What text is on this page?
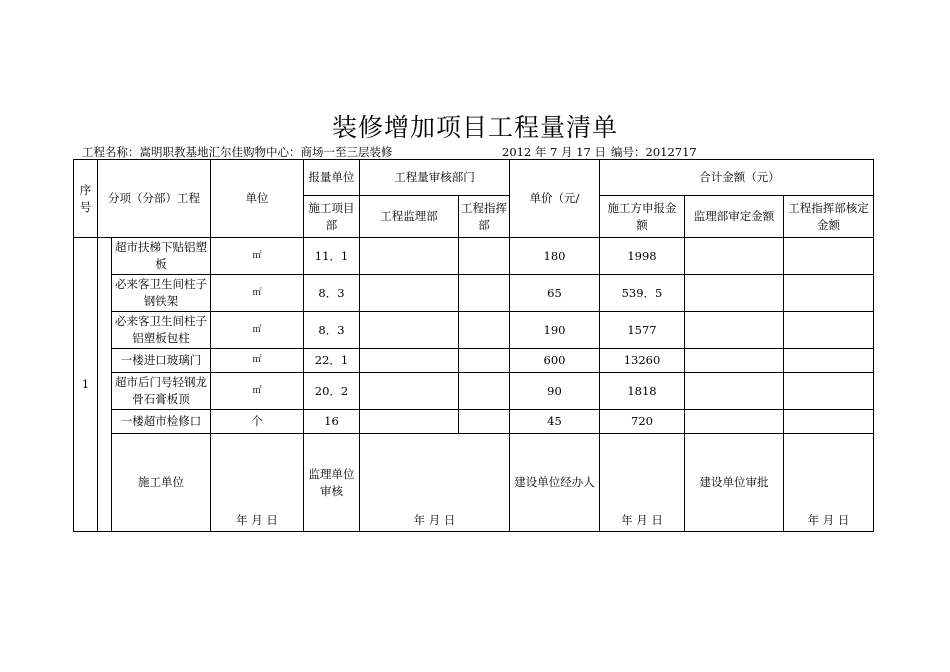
装修增加项目工程量清单
工程名称：嵩明职教基地汇尔佳购物中心：商场一至三层装修	2012 年 7 月 17 日 编号：2012717
序号	分项（分部）工程		单位	报量单位	工程量审核部门		单价（元/	合计金额（元）			
				施工项目部	工程监理部	工程指挥部		施工方申报金额	监理部审定金额	工程指挥部核定金额	
1		超市扶梯下贴铝塑板	㎡	11．1			180	1998			
		必来客卫生间柱子钢铁架	㎡	8．3			65	539．5			
		必来客卫生间柱子铝塑板包柱	㎡	8．3			190	1577			
		一楼进口玻璃门	㎡	22．1			600	13260			
		超市后门号轻钢龙骨石膏板顶	㎡	20．2			90	1818			
		一楼超市检修口	个	16			45	720			
		施工单位	年 月 日	监理单位审核	年 月 日		建设单位经办人	年 月 日	建设单位审批	年 月 日	
